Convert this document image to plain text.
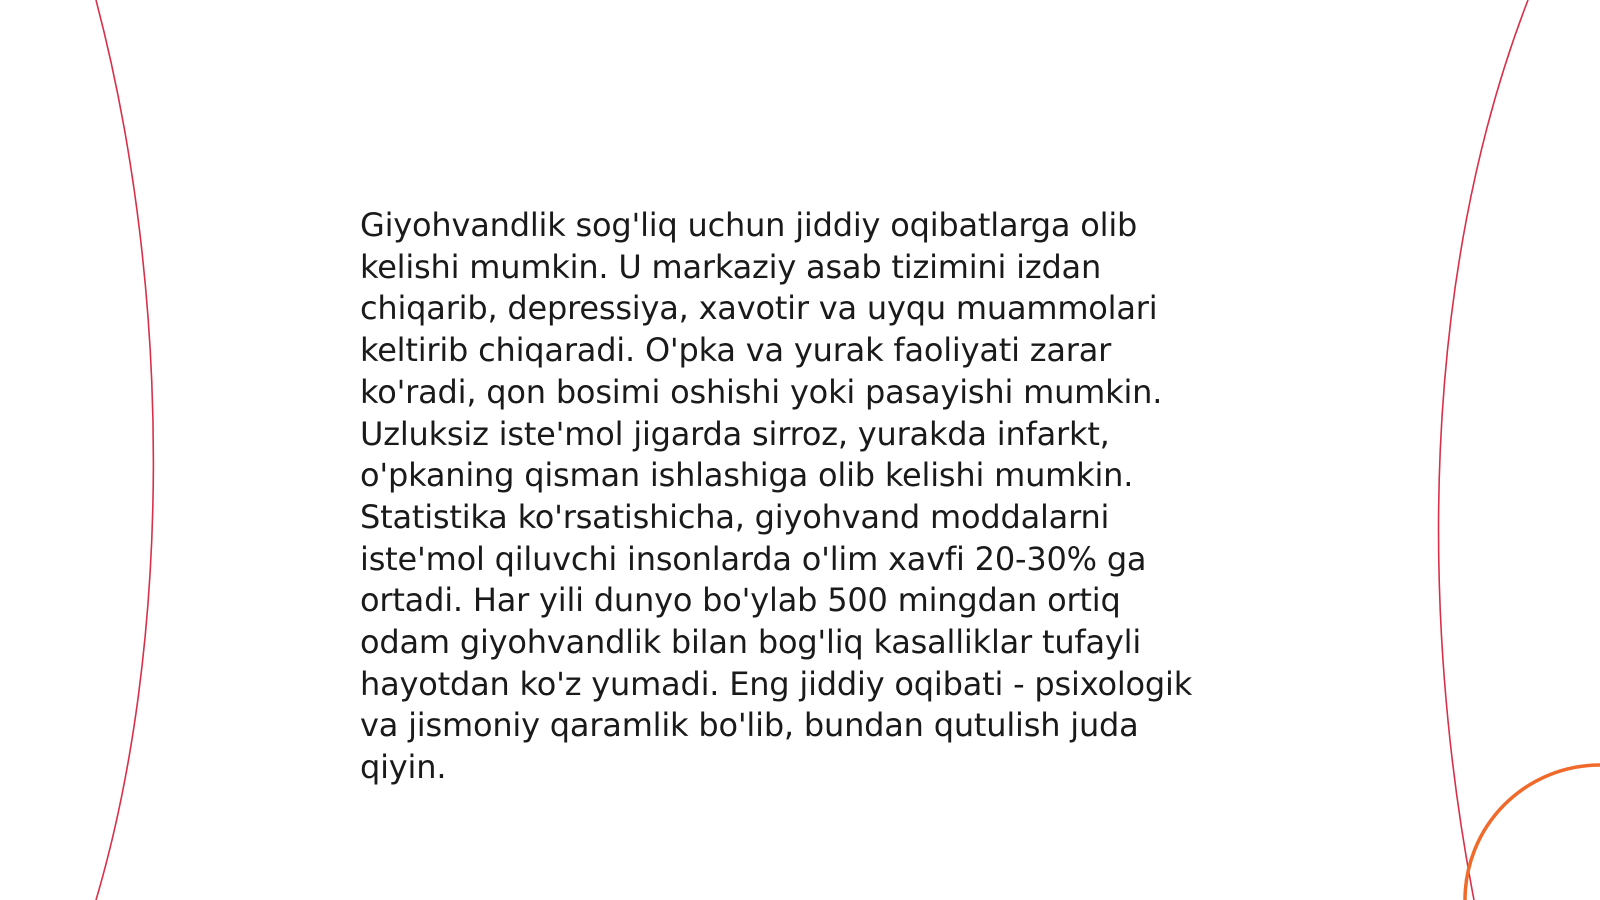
Giyohvandlik sog'liq uchun jiddiy oqibatlarga olib
kelishi mumkin. U markaziy asab tizimini izdan
chiqarib, depressiya, xavotir va uyqu muammolari
keltirib chiqaradi. O'pka va yurak faoliyati zarar
ko'radi, qon bosimi oshishi yoki pasayishi mumkin.
Uzluksiz iste'mol jigarda sirroz, yurakda infarkt,
o'pkaning qisman ishlashiga olib kelishi mumkin.
Statistika ko'rsatishicha, giyohvand moddalarni
iste'mol qiluvchi insonlarda o'lim xavfi 20-30% ga
ortadi. Har yili dunyo bo'ylab 500 mingdan ortiq
odam giyohvandlik bilan bog'liq kasalliklar tufayli
hayotdan ko'z yumadi. Eng jiddiy oqibati - psixologik
va jismoniy qaramlik bo'lib, bundan qutulish juda
qiyin.
